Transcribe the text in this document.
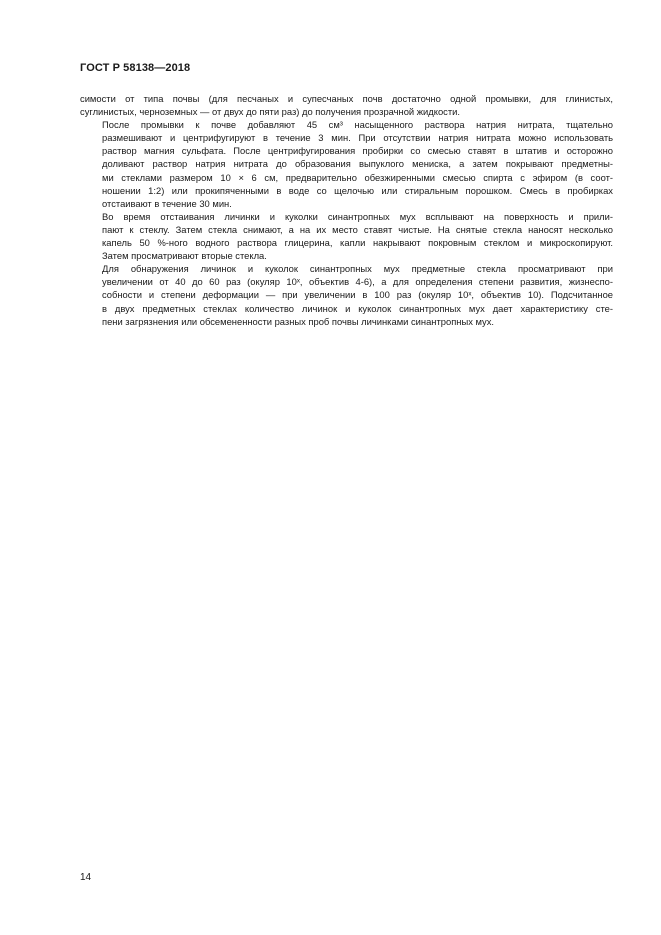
ГОСТ Р 58138—2018

симости от типа почвы (для песчаных и супесчаных почв достаточно одной промывки, для глинистых,
суглинистых, черноземных — от двух до пяти раз) до получения прозрачной жидкости.

После промывки к почве добавляют 45 см³ насыщенного раствора натрия нитрата, тщательно
размешивают и центрифугируют в течение 3 мин. При отсутствии натрия нитрата можно использовать
раствор магния сульфата. После центрифугирования пробирки со смесью ставят в штатив и осторожно
доливают раствор натрия нитрата до образования выпуклого мениска, а затем покрывают предметны-
ми стеклами размером 10 × 6 см, предварительно обезжиренными смесью спирта с эфиром (в соот-
ношении 1:2) или прокипяченными в воде со щелочью или стиральным порошком. Смесь в пробирках
отстаивают в течение 30 мин.

Во время отстаивания личинки и куколки синантропных мух всплывают на поверхность и прили-
пают к стеклу. Затем стекла снимают, а на их место ставят чистые. На снятые стекла наносят несколько
капель 50 %-ного водного раствора глицерина, капли накрывают покровным стеклом и микроскопируют.
Затем просматривают вторые стекла.

Для обнаружения личинок и куколок синантропных мух предметные стекла просматривают при
увеличении от 40 до 60 раз (окуляр 10ˣ, объектив 4-6), а для определения степени развития, жизнеспо-
собности и степени деформации — при увеличении в 100 раз (окуляр 10ˣ, объектив 10). Подсчитанное
в двух предметных стеклах количество личинок и куколок синантропных мух дает характеристику сте-
пени загрязнения или обсемененности разных проб почвы личинками синантропных мух.

14
